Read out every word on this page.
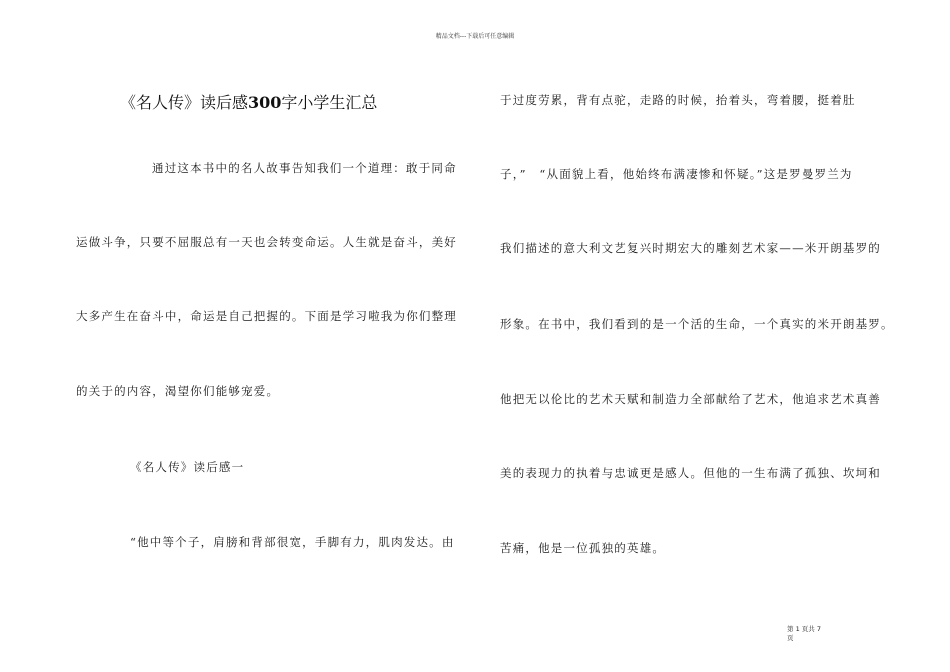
精品文档---下载后可任意编辑
《名人传》读后感300字小学生汇总
通过这本书中的名人故事告知我们一个道理：敢于同命
运做斗争，只要不屈服总有一天也会转变命运。人生就是奋斗，美好
大多产生在奋斗中，命运是自己把握的。下面是学习啦我为你们整理
的关于的内容，渴望你们能够宠爱。
《名人传》读后感一
“他中等个子，肩膀和背部很宽，手脚有力，肌肉发达。由
于过度劳累，背有点驼，走路的时候，抬着头，弯着腰，挺着肚
子，”　“从面貌上看，他始终布满凄惨和怀疑。”这是罗曼罗兰为
我们描述的意大利文艺复兴时期宏大的雕刻艺术家——米开朗基罗的
形象。在书中，我们看到的是一个活的生命，一个真实的米开朗基罗。
他把无以伦比的艺术天赋和制造力全部献给了艺术，他追求艺术真善
美的表现力的执着与忠诚更是感人。但他的一生布满了孤独、坎坷和
苦痛，他是一位孤独的英雄。
第 1 页共 7
页
